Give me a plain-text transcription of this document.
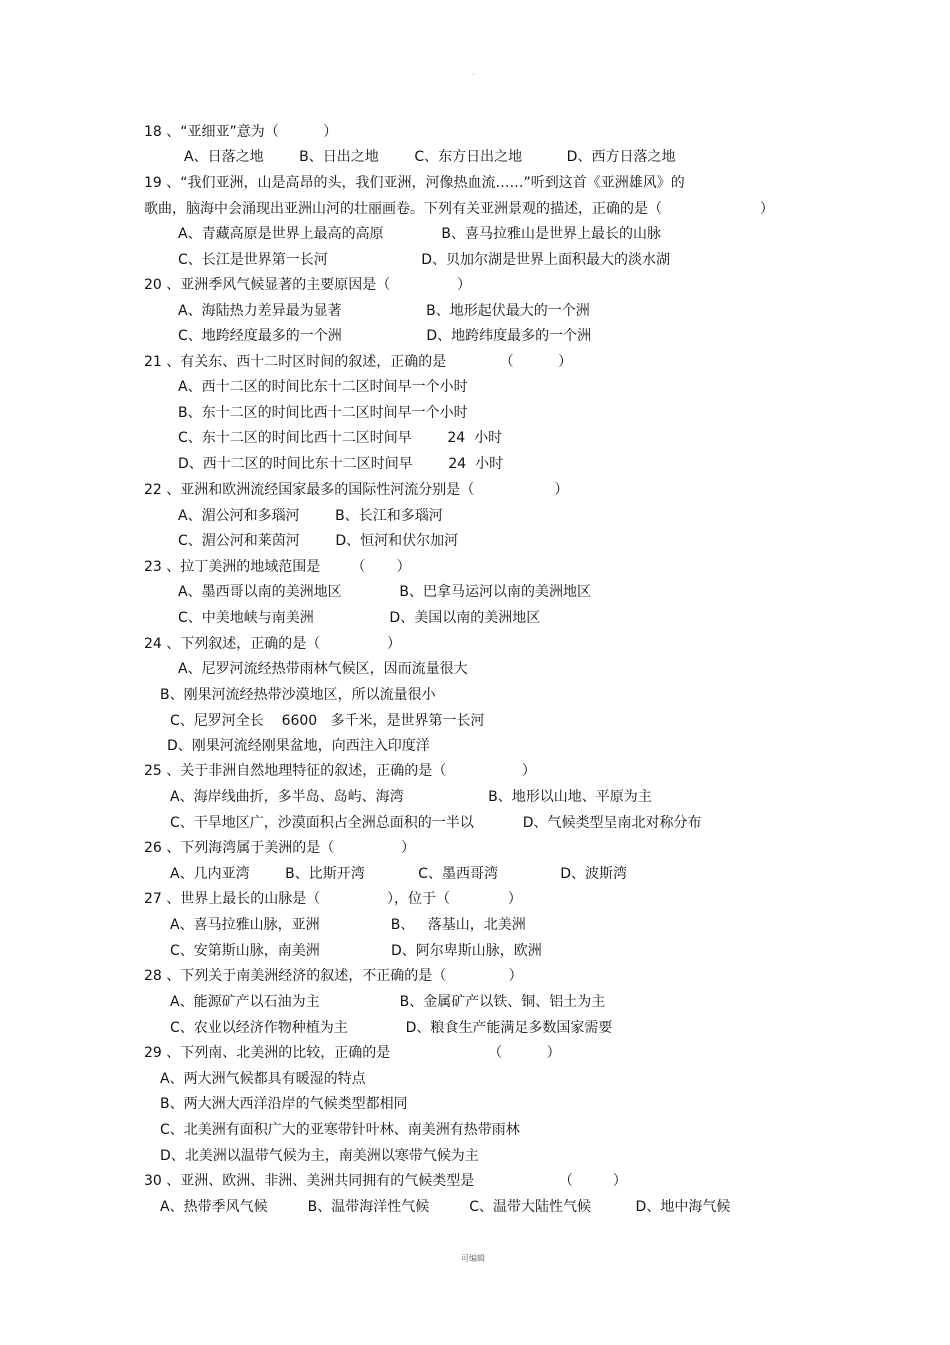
·
18 、“亚细亚”意为（          ）
A、日落之地        B、日出之地        C、东方日出之地          D、西方日落之地
19 、“我们亚洲，山是高昂的头，我们亚洲，河像热血流……”听到这首《亚洲雄风》的
歌曲，脑海中会涌现出亚洲山河的壮丽画卷。下列有关亚洲景观的描述，正确的是（                      ）
A、青藏高原是世界上最高的高原             B、喜马拉雅山是世界上最长的山脉
C、长江是世界第一长河                     D、贝加尔湖是世界上面积最大的淡水湖
20 、亚洲季风气候显著的主要原因是（               ）
A、海陆热力差异最为显著                   B、地形起伏最大的一个洲
C、地跨经度最多的一个洲                   D、地跨纬度最多的一个洲
21 、有关东、西十二时区时间的叙述，正确的是            （          ）
A、西十二区的时间比东十二区时间早一个小时
B、东十二区的时间比西十二区时间早一个小时
C、东十二区的时间比西十二区时间早        24  小时
D、西十二区的时间比东十二区时间早        24  小时
22 、亚洲和欧洲流经国家最多的国际性河流分别是（                  ）
A、湄公河和多瑙河        B、长江和多瑙河
C、湄公河和莱茵河        D、恒河和伏尔加河
23 、拉丁美洲的地域范围是       （       ）
A、墨西哥以南的美洲地区             B、巴拿马运河以南的美洲地区
C、中美地峡与南美洲                 D、美国以南的美洲地区
24 、下列叙述，正确的是（               ）
A、尼罗河流经热带雨林气候区，因而流量很大
B、刚果河流经热带沙漠地区，所以流量很小
C、尼罗河全长    6600   多千米，是世界第一长河
D、刚果河流经刚果盆地，向西注入印度洋
25 、关于非洲自然地理特征的叙述，正确的是（                 ）
A、海岸线曲折，多半岛、岛屿、海湾                   B、地形以山地、平原为主
C、干旱地区广，沙漠面积占全洲总面积的一半以           D、气候类型呈南北对称分布
26 、下列海湾属于美洲的是（               ）
A、几内亚湾        B、比斯开湾            C、墨西哥湾              D、波斯湾
27 、世界上最长的山脉是（               ），位于（             ）
A、喜马拉雅山脉，亚洲                B、   落基山，北美洲
C、安第斯山脉，南美洲                D、阿尔卑斯山脉，欧洲
28 、下列关于南美洲经济的叙述，不正确的是（              ）
A、能源矿产以石油为主                  B、金属矿产以铁、铜、铝土为主
C、农业以经济作物种植为主             D、粮食生产能满足多数国家需要
29 、下列南、北美洲的比较，正确的是                      （          ）
A、两大洲气候都具有暖湿的特点
B、两大洲大西洋沿岸的气候类型都相同
C、北美洲有面积广大的亚寒带针叶林、南美洲有热带雨林
D、北美洲以温带气候为主，南美洲以寒带气候为主
30 、亚洲、欧洲、非洲、美洲共同拥有的气候类型是                   （         ）
A、热带季风气候         B、温带海洋性气候         C、温带大陆性气候          D、地中海气候
可编辑
